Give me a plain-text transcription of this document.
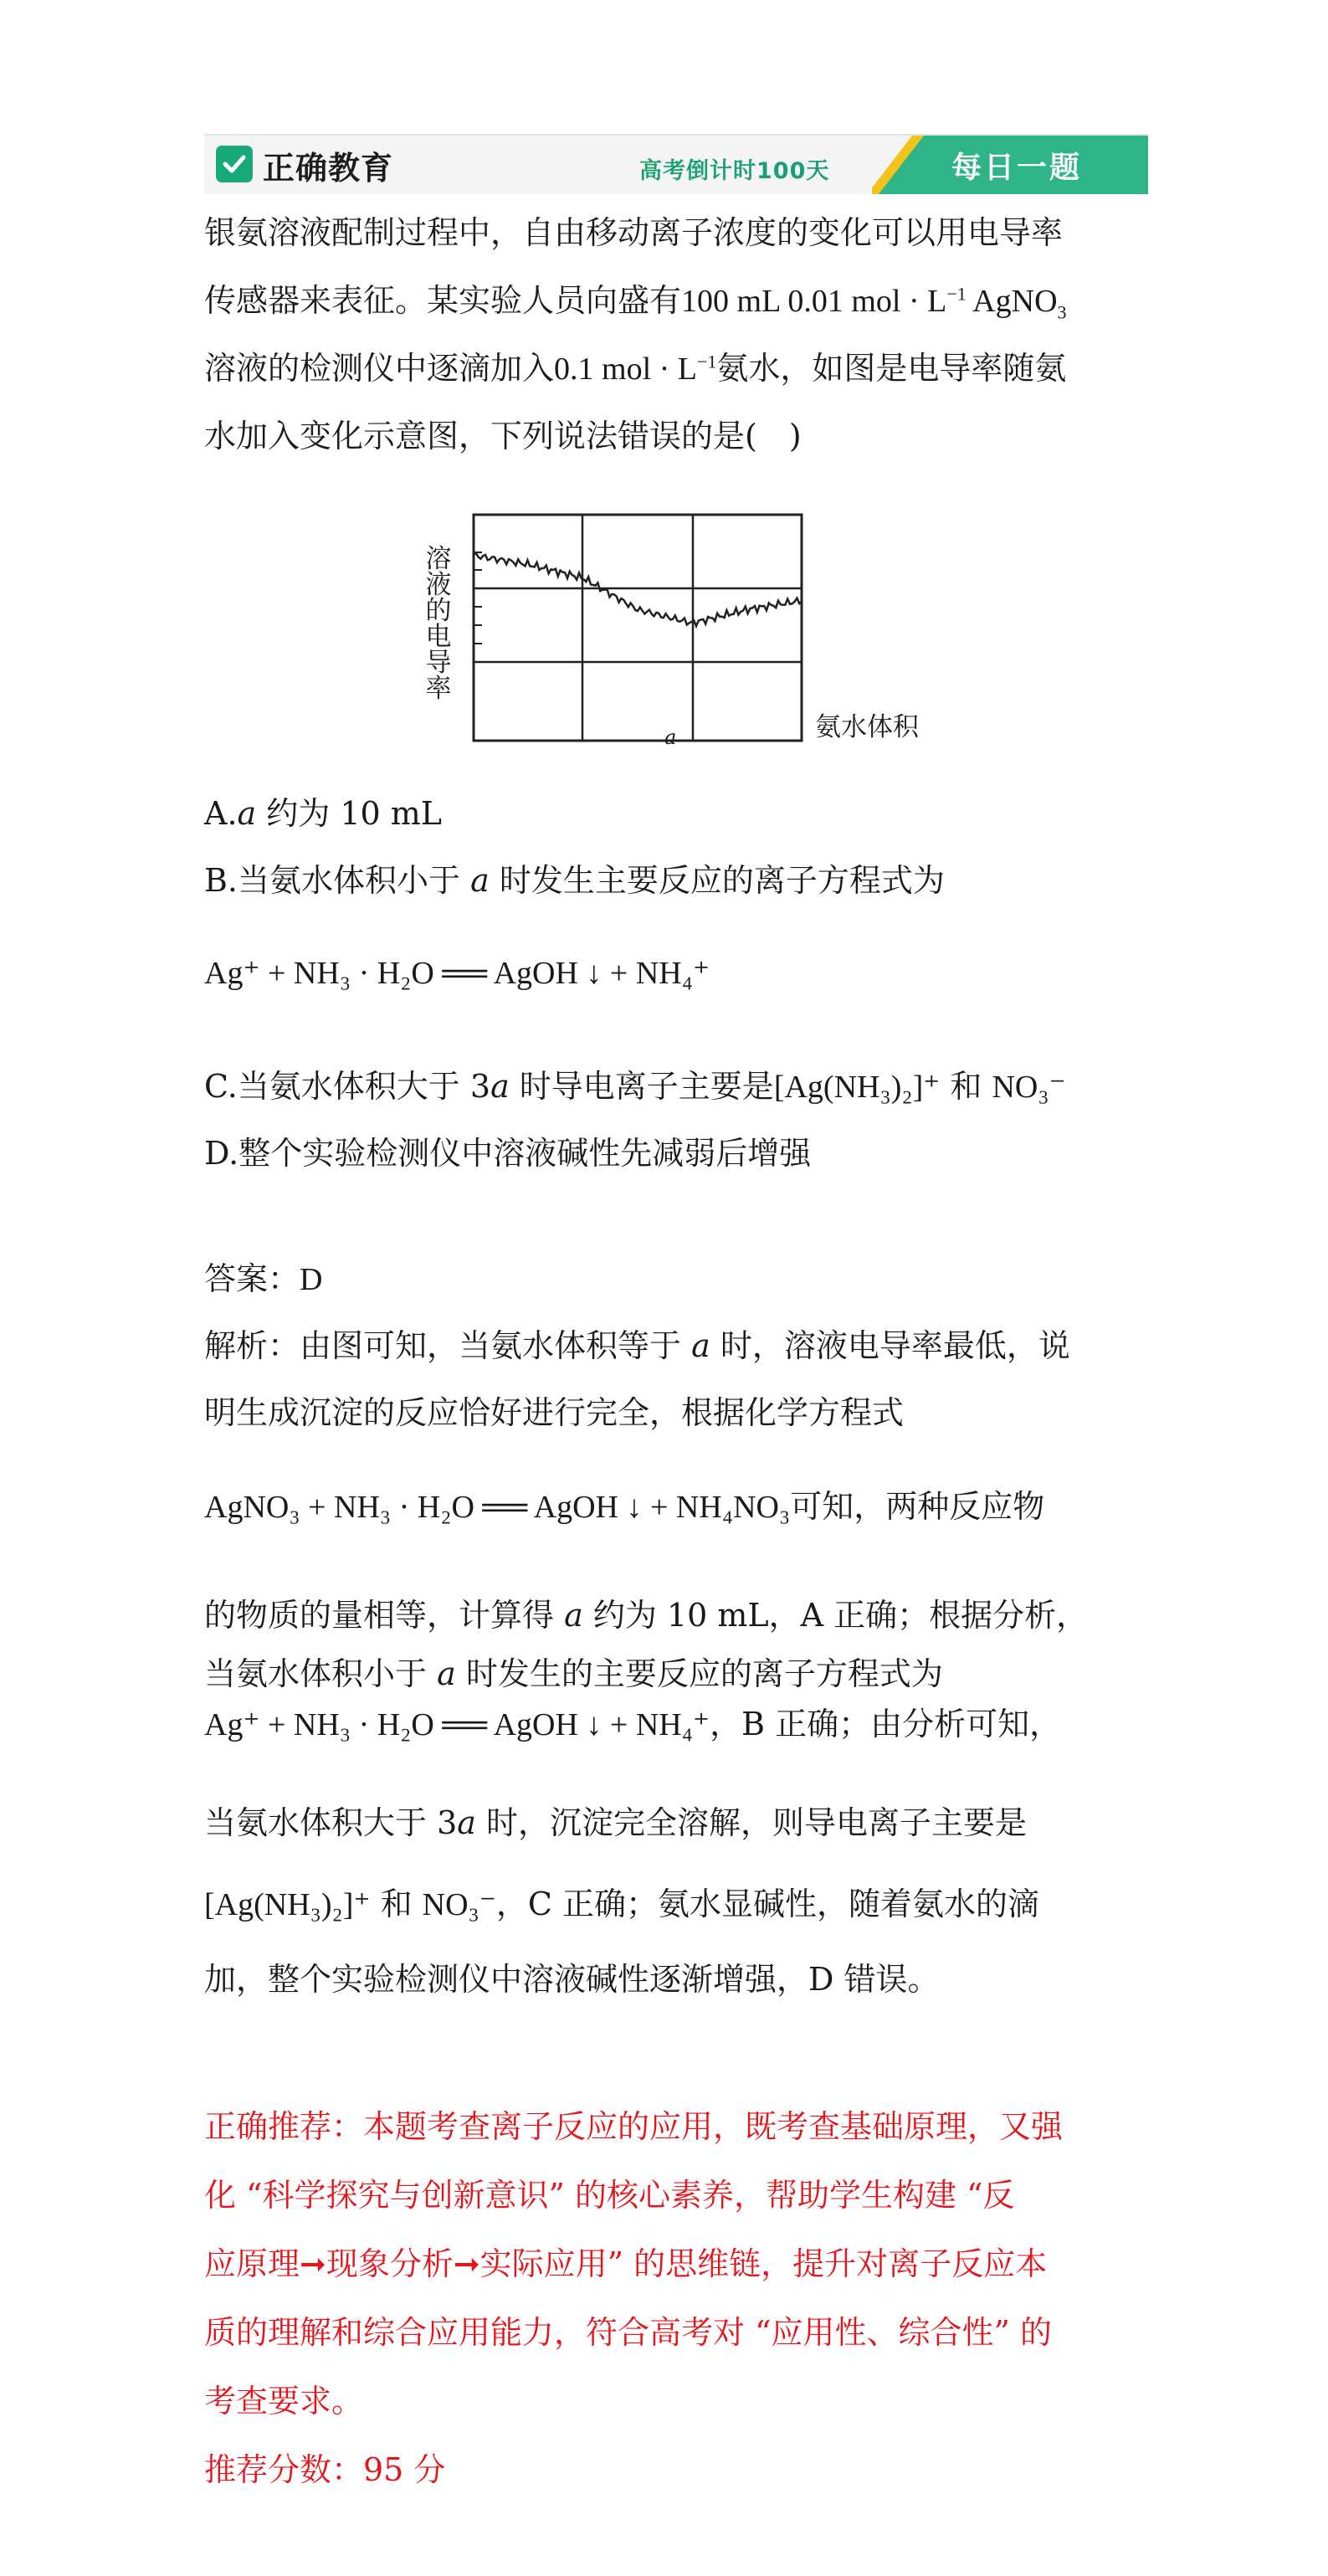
正确教育	高考倒计时100天	每日一题
银氨溶液配制过程中，自由移动离子浓度的变化可以用电导率
传感器来表征。某实验人员向盛有100 mL 0.01 mol · $L^{-1}$ AgNO$_3$
溶液的检测仪中逐滴加入0.1 mol · $L^{-1}$氨水，如图是电导率随氨
水加入变化示意图，下列说法错误的是(　)
溶
液
的
电
导
率
氨水体积
a
A.a 约为 10 mL
B.当氨水体积小于 a 时发生主要反应的离子方程式为
Ag⁺ + NH₃ · H₂O ══ AgOH ↓ + NH₄⁺
C.当氨水体积大于 3a 时导电离子主要是[Ag(NH₃)₂]⁺ 和 NO₃⁻
D.整个实验检测仪中溶液碱性先减弱后增强
答案：D
解析：由图可知，当氨水体积等于 a 时，溶液电导率最低，说
明生成沉淀的反应恰好进行完全，根据化学方程式
AgNO₃ + NH₃ · H₂O ══ AgOH ↓ + NH₄NO₃可知，两种反应物
的物质的量相等，计算得 a 约为 10 mL，A 正确；根据分析，
当氨水体积小于 a 时发生的主要反应的离子方程式为
Ag⁺ + NH₃ · H₂O ══ AgOH ↓ + NH₄⁺，B 正确；由分析可知，
当氨水体积大于 3a 时，沉淀完全溶解，则导电离子主要是
[Ag(NH₃)₂]⁺ 和 NO₃⁻，C 正确；氨水显碱性，随着氨水的滴
加，整个实验检测仪中溶液碱性逐渐增强，D 错误。

正确推荐：本题考查离子反应的应用，既考查基础原理，又强

化 “科学探究与创新意识” 的核心素养，帮助学生构建 “反

应原理➞现象分析➞实际应用” 的思维链，提升对离子反应本

质的理解和综合应用能力，符合高考对 “应用性、综合性” 的

考查要求。

推荐分数：95 分
